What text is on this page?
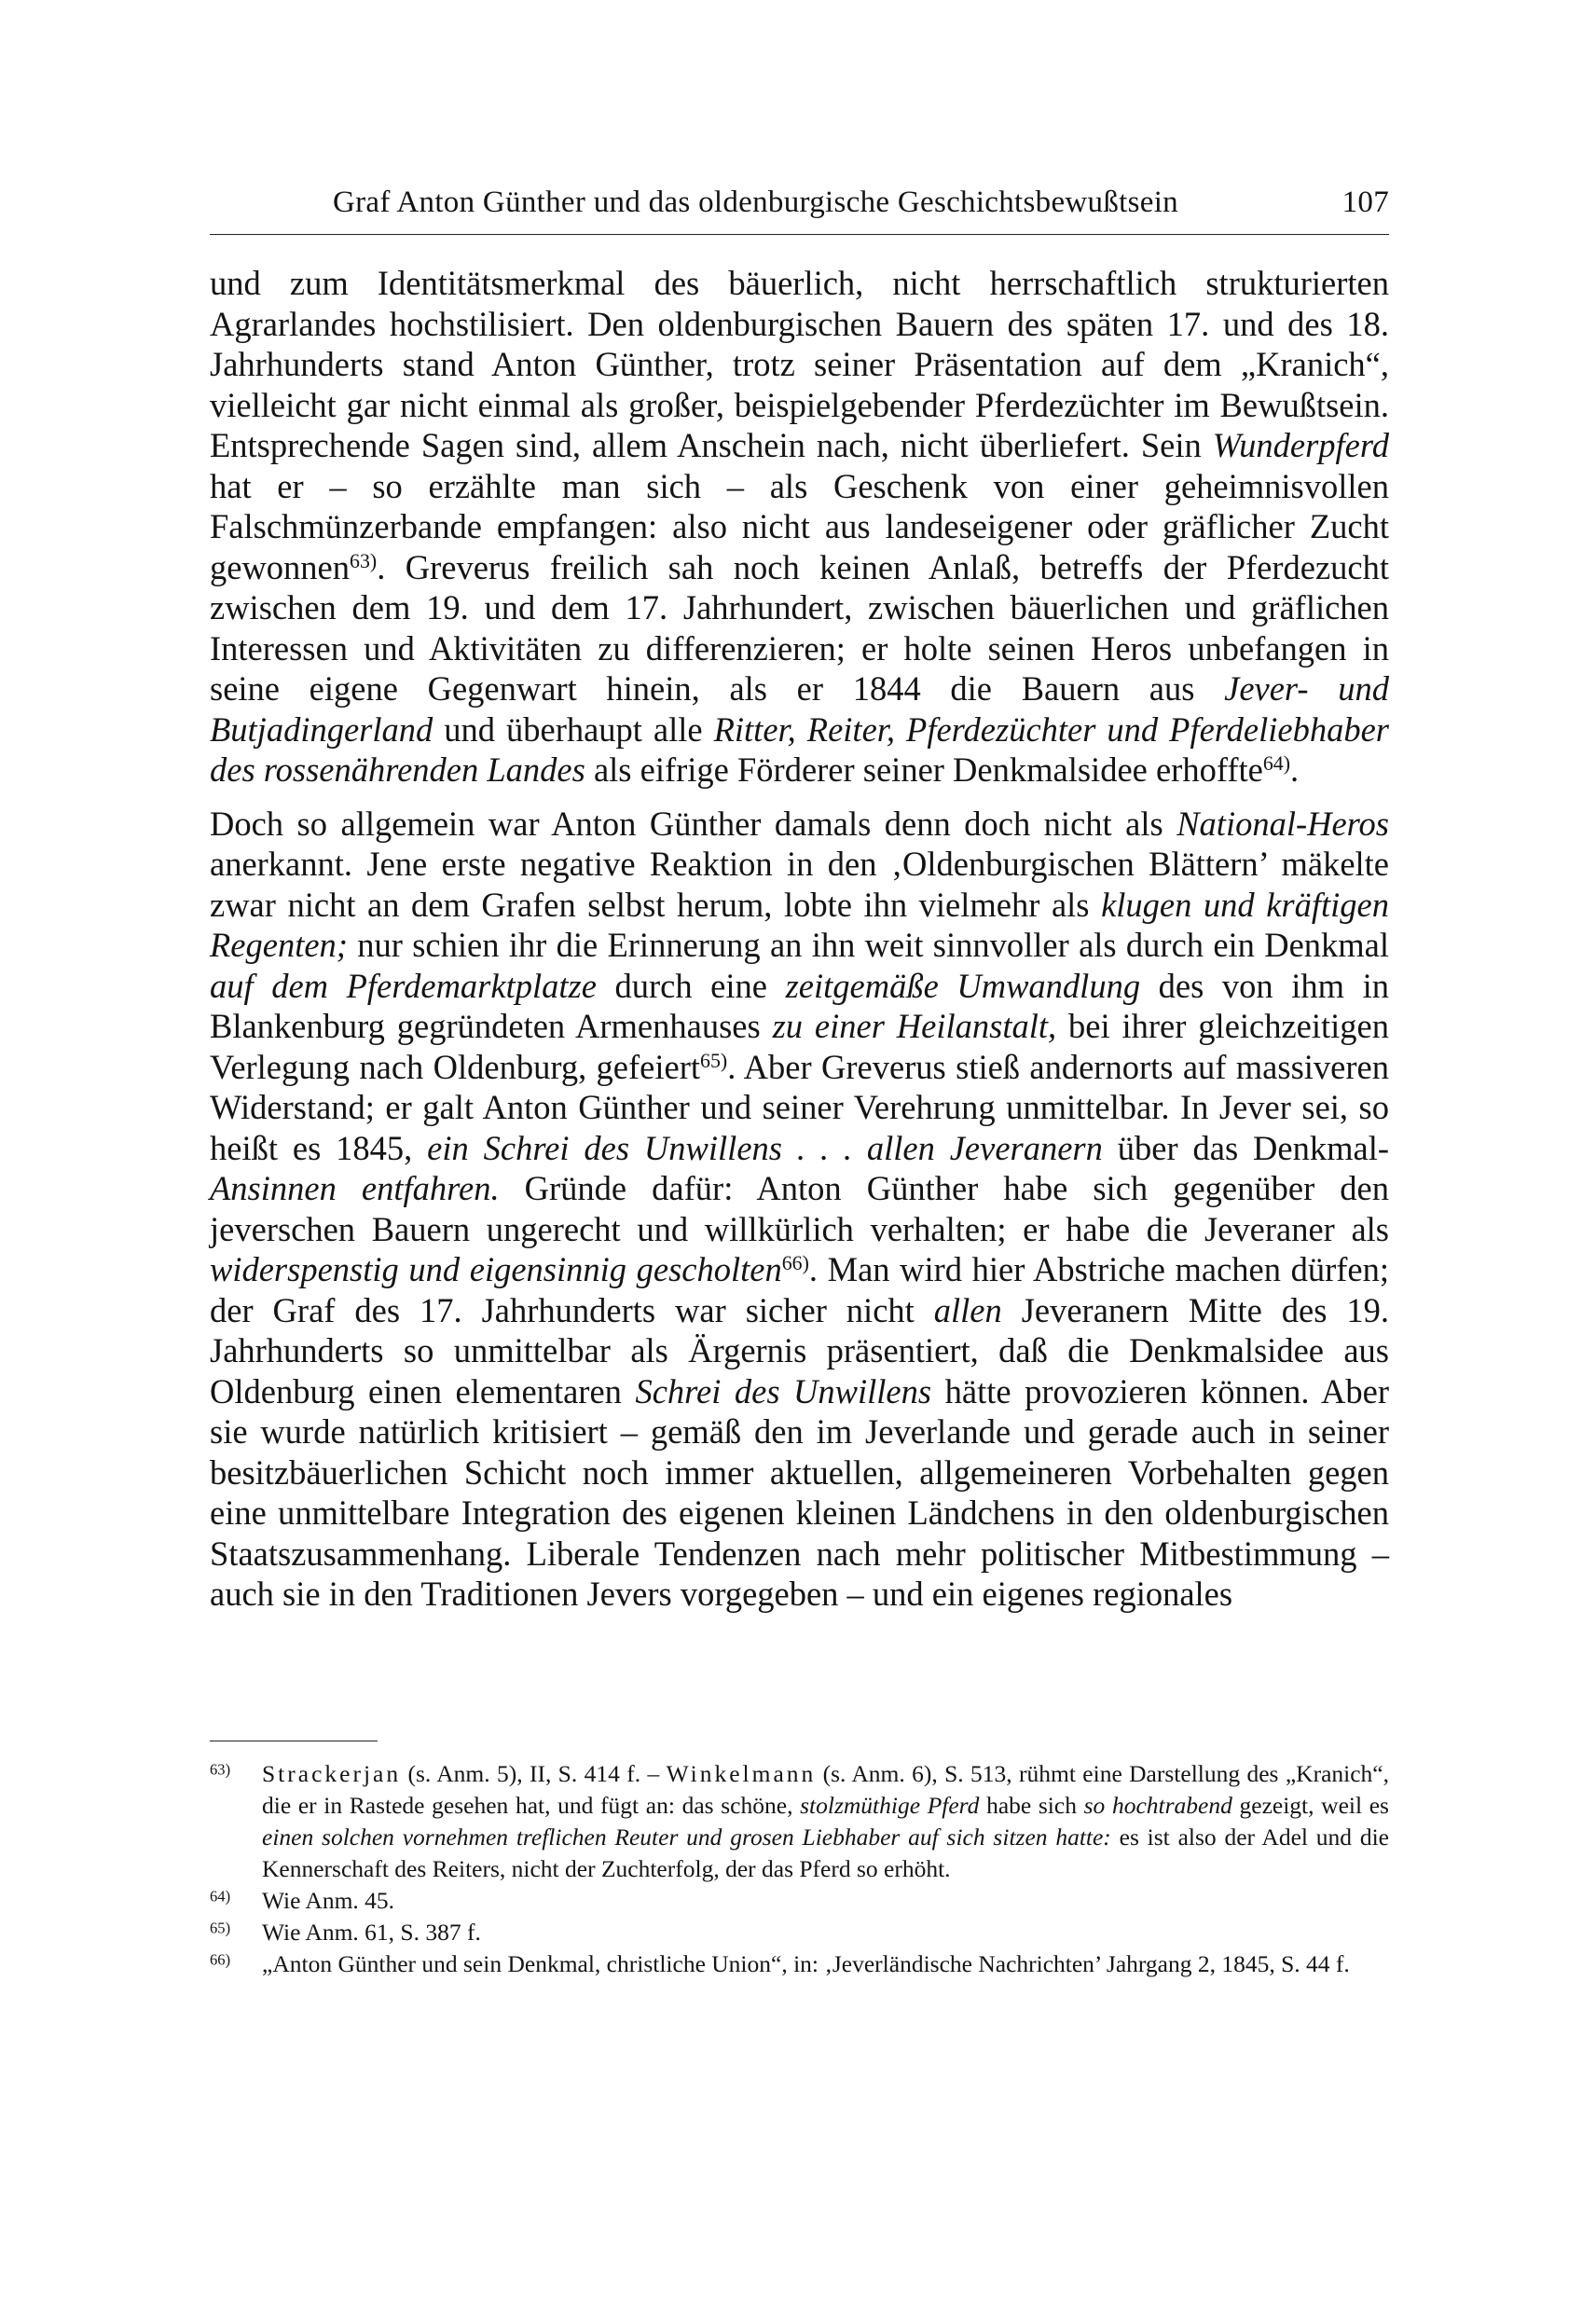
Graf Anton Günther und das oldenburgische Geschichtsbewußtsein	107

und zum Identitätsmerkmal des bäuerlich, nicht herrschaftlich strukturierten Agrarlandes hochstilisiert. Den oldenburgischen Bauern des späten 17. und des 18. Jahrhunderts stand Anton Günther, trotz seiner Präsentation auf dem „Kranich“, vielleicht gar nicht einmal als großer, beispielgebender Pferdezüchter im Bewußtsein. Entsprechende Sagen sind, allem Anschein nach, nicht überliefert. Sein Wunderpferd hat er – so erzählte man sich – als Geschenk von einer geheimnisvollen Falschmünzerbande empfangen: also nicht aus landeseigener oder gräflicher Zucht gewonnen$^{63)}$. Greverus freilich sah noch keinen Anlaß, betreffs der Pferdezucht zwischen dem 19. und dem 17. Jahrhundert, zwischen bäuerlichen und gräflichen Interessen und Aktivitäten zu differenzieren; er holte seinen Heros unbefangen in seine eigene Gegenwart hinein, als er 1844 die Bauern aus Jever- und Butjadingerland und überhaupt alle Ritter, Reiter, Pferdezüchter und Pferdeliebhaber des rossenährenden Landes als eifrige Förderer seiner Denkmalsidee erhoffte$^{64)}$.

Doch so allgemein war Anton Günther damals denn doch nicht als National-Heros anerkannt. Jene erste negative Reaktion in den ‚Oldenburgischen Blättern’ mäkelte zwar nicht an dem Grafen selbst herum, lobte ihn vielmehr als klugen und kräftigen Regenten; nur schien ihr die Erinnerung an ihn weit sinnvoller als durch ein Denkmal auf dem Pferdemarktplatze durch eine zeitgemäße Umwandlung des von ihm in Blankenburg gegründeten Armenhauses zu einer Heilanstalt, bei ihrer gleichzeitigen Verlegung nach Oldenburg, gefeiert$^{65)}$. Aber Greverus stieß andernorts auf massiveren Widerstand; er galt Anton Günther und seiner Verehrung unmittelbar. In Jever sei, so heißt es 1845, ein Schrei des Unwillens . . . allen Jeveranern über das Denkmal-Ansinnen entfahren. Gründe dafür: Anton Günther habe sich gegenüber den jeverschen Bauern ungerecht und willkürlich verhalten; er habe die Jeveraner als widerspenstig und eigensinnig gescholten$^{66)}$. Man wird hier Abstriche machen dürfen; der Graf des 17. Jahrhunderts war sicher nicht allen Jeveranern Mitte des 19. Jahrhunderts so unmittelbar als Ärgernis präsentiert, daß die Denkmalsidee aus Oldenburg einen elementaren Schrei des Unwillens hätte provozieren können. Aber sie wurde natürlich kritisiert – gemäß den im Jeverlande und gerade auch in seiner besitzbäuerlichen Schicht noch immer aktuellen, allgemeineren Vorbehalten gegen eine unmittelbare Integration des eigenen kleinen Ländchens in den oldenburgischen Staatszusammenhang. Liberale Tendenzen nach mehr politischer Mitbestimmung – auch sie in den Traditionen Jevers vorgegeben – und ein eigenes regionales

$^{63)}$	Strackerjan (s. Anm. 5), II, S. 414 f. – Winkelmann (s. Anm. 6), S. 513, rühmt eine Darstellung des „Kranich“, die er in Rastede gesehen hat, und fügt an: das schöne, stolzmüthige Pferd habe sich so hochtrabend gezeigt, weil es einen solchen vornehmen treflichen Reuter und grosen Liebhaber auf sich sitzen hatte: es ist also der Adel und die Kennerschaft des Reiters, nicht der Zuchterfolg, der das Pferd so erhöht.
$^{64)}$	Wie Anm. 45.
$^{65)}$	Wie Anm. 61, S. 387 f.
$^{66)}$	„Anton Günther und sein Denkmal, christliche Union“, in: ‚Jeverländische Nachrichten’ Jahrgang 2, 1845, S. 44 f.
